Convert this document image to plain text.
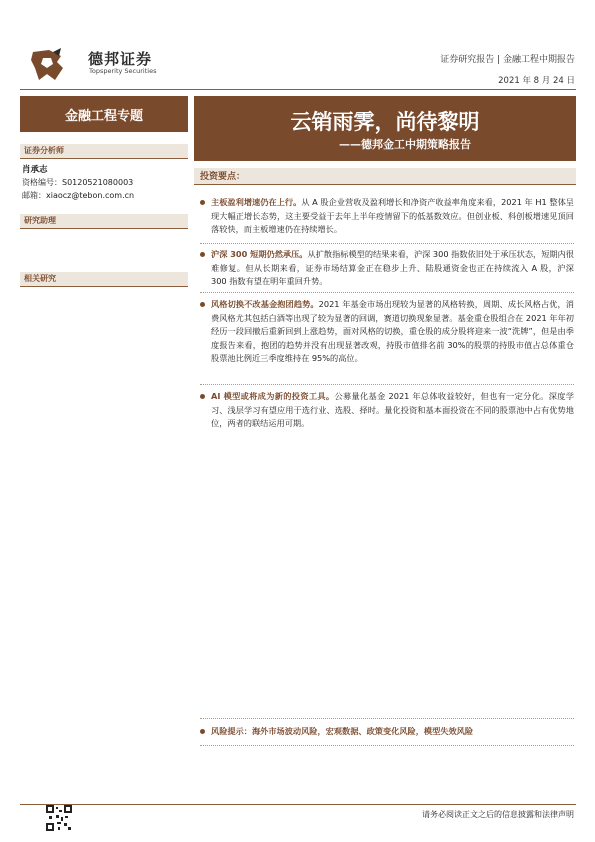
德邦证券
Topsperity Securities
证券研究报告 | 金融工程中期报告
2021 年 8 月 24 日
金融工程专题
证券分析师
肖承志
资格编号：S0120521080003
邮箱：xiaocz@tebon.com.cn
研究助理
相关研究
云销雨霁，尚待黎明
——德邦金工中期策略报告
投资要点：
主板盈利增速仍在上行。从 A 股企业营收及盈利增长和净资产收益率角度来看，2021 年 H1 整体呈现大幅正增长态势，这主要受益于去年上半年疫情留下的低基数效应。但创业板、科创板增速见顶回落较快，而主板增速仍在持续增长。
沪深 300 短期仍然承压。从扩散指标模型的结果来看，沪深 300 指数依旧处于承压状态，短期内很难修复。但从长期来看，证券市场结算金正在稳步上升、陆股通资金也正在持续流入 A 股，沪深 300 指数有望在明年重回升势。
风格切换不改基金抱团趋势。2021 年基金市场出现较为显著的风格转换，周期、成长风格占优，消费风格尤其包括白酒等出现了较为显著的回调，赛道切换现象显著。基金重仓股组合在 2021 年年初经历一段回撤后重新回到上涨趋势，面对风格的切换，重仓股的成分股将迎来一波“洗牌”，但是由季度报告来看，抱团的趋势并没有出现显著改观，持股市值排名前 30%的股票的持股市值占总体重仓股票池比例近三季度维持在 95%的高位。
AI 模型或将成为新的投资工具。公募量化基金 2021 年总体收益较好，但也有一定分化。深度学习、浅层学习有望应用于选行业、选股、择时。量化投资和基本面投资在不同的股票池中占有优势地位，两者的联结运用可期。
风险提示：海外市场波动风险，宏观数据、政策变化风险，模型失效风险
请务必阅读正文之后的信息披露和法律声明
